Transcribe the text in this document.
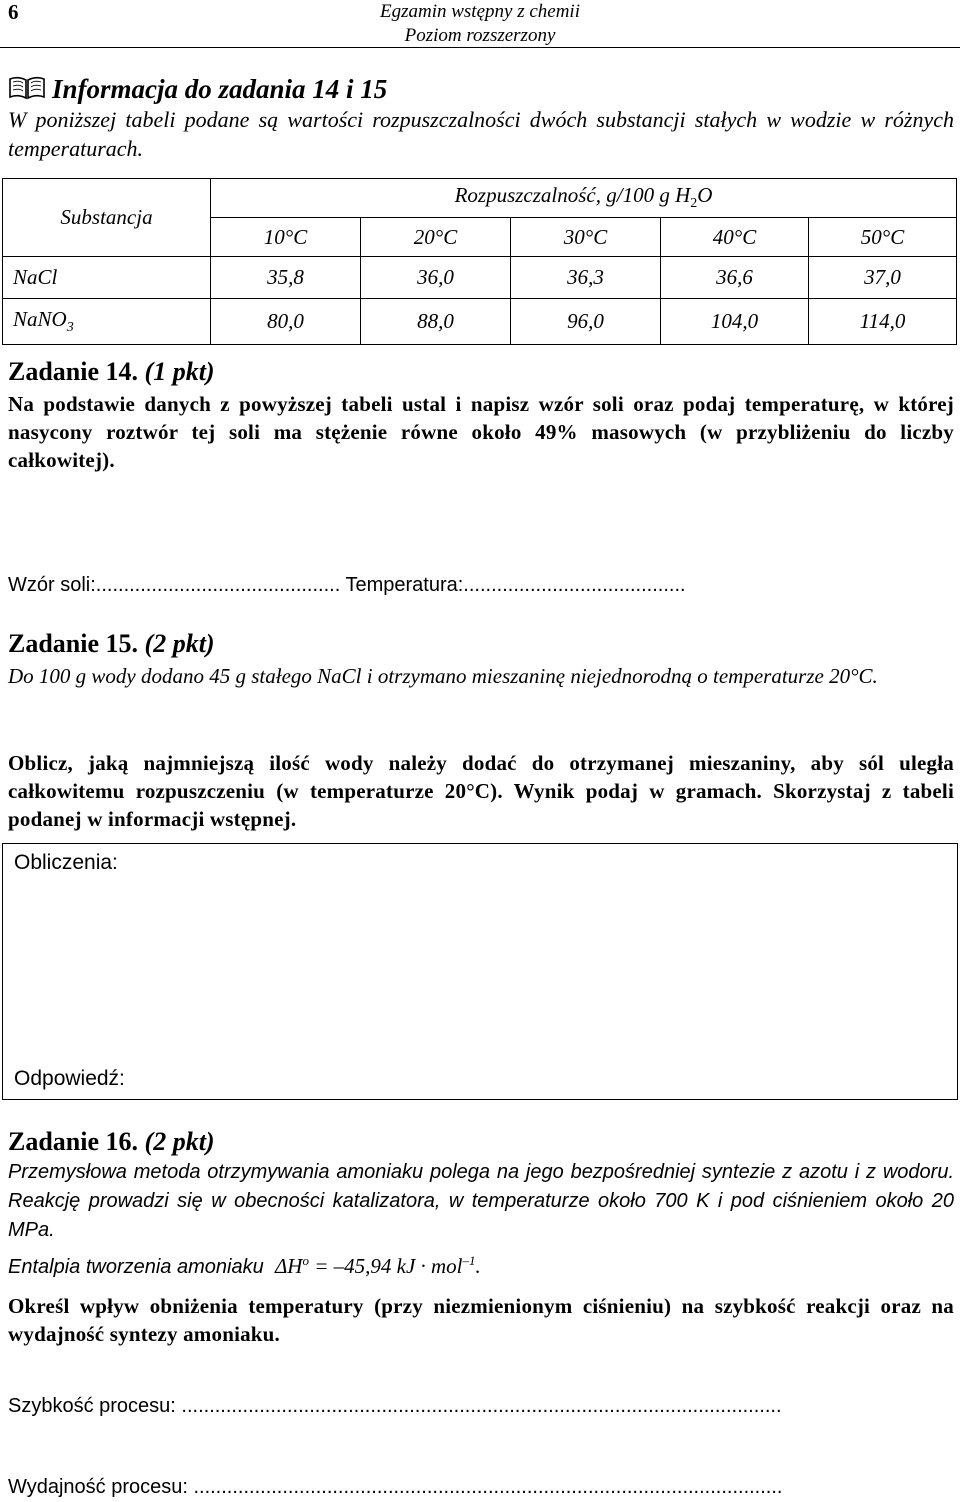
6	Egzamin wstępny z chemii
Poziom rozszerzony
Informacja do zadania 14 i 15
W poniższej tabeli podane są wartości rozpuszczalności dwóch substancji stałych w wodzie w różnych temperaturach.
Substancja	Rozpuszczalność, g/100 g $H_2O$				
	10°C	20°C	30°C	40°C	50°C
NaCl	35,8	36,0	36,3	36,6	37,0
NaNO$_3$	80,0	88,0	96,0	104,0	114,0
Zadanie 14. (1 pkt)
Na podstawie danych z powyższej tabeli ustal i napisz wzór soli oraz podaj temperaturę, w której nasycony roztwór tej soli ma stężenie równe około 49% masowych (w przybliżeniu do liczby całkowitej).
Wzór soli:............................................ Temperatura:........................................
Zadanie 15. (2 pkt)
Do 100 g wody dodano 45 g stałego NaCl i otrzymano mieszaninę niejednorodną o temperaturze 20°C.
Oblicz, jaką najmniejszą ilość wody należy dodać do otrzymanej mieszaniny, aby sól uległa całkowitemu rozpuszczeniu (w temperaturze 20°C). Wynik podaj w gramach. Skorzystaj z tabeli podanej w informacji wstępnej.
Obliczenia:
Odpowiedź:
Zadanie 16. (2 pkt)
Przemysłowa metoda otrzymywania amoniaku polega na jego bezpośredniej syntezie z azotu i z wodoru. Reakcję prowadzi się w obecności katalizatora, w temperaturze około 700 K i pod ciśnieniem około 20 MPa.
Entalpia tworzenia amoniaku $\Delta H^o = -45,94$ kJ · mol$^{-1}$.
Określ wpływ obniżenia temperatury (przy niezmienionym ciśnieniu) na szybkość reakcji oraz na wydajność syntezy amoniaku.
Szybkość procesu: ............................................................................................................
Wydajność procesu: ..........................................................................................................
